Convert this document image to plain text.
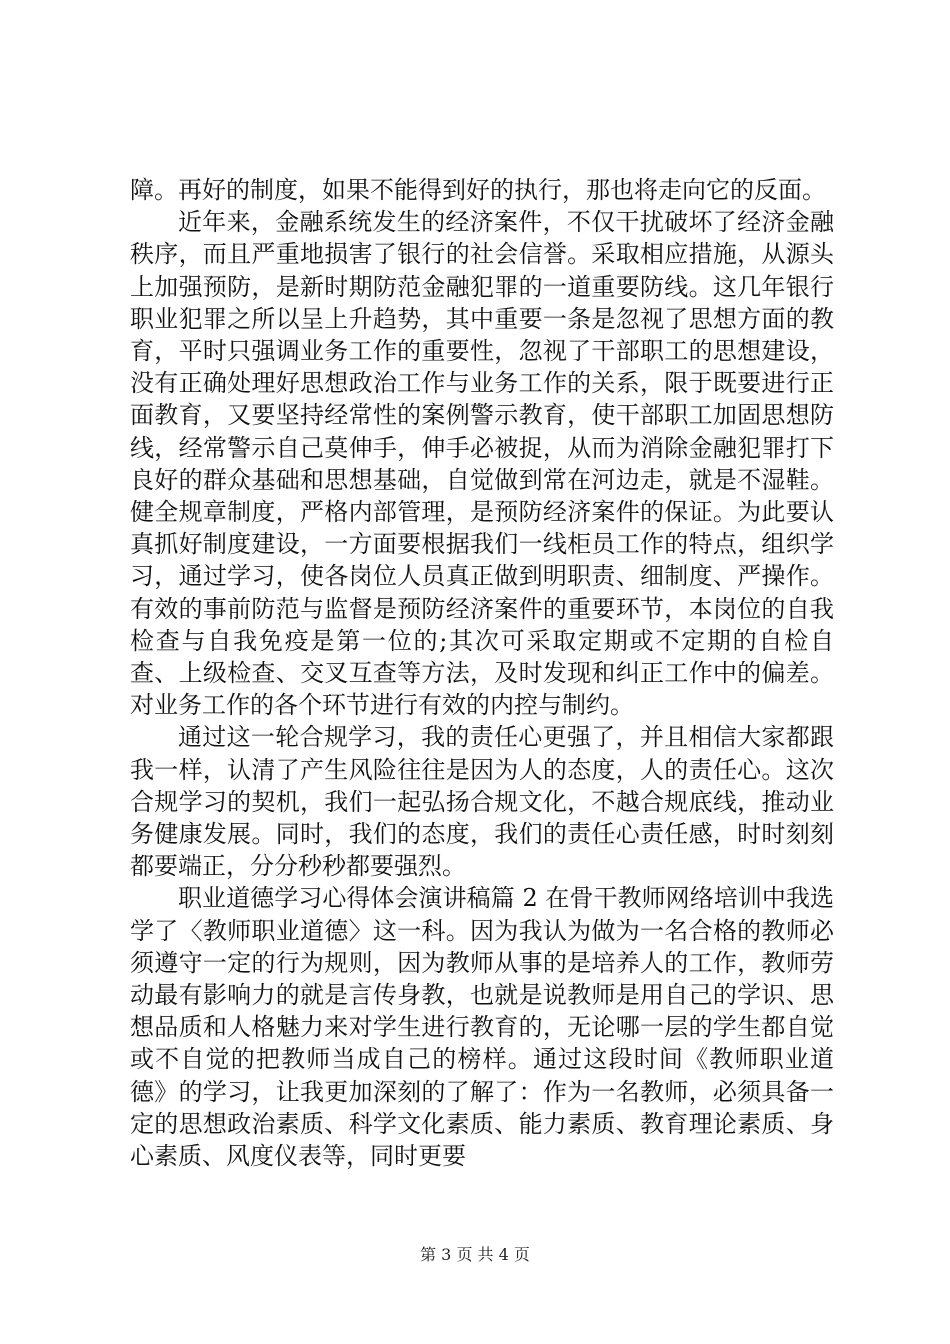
障。再好的制度，如果不能得到好的执行，那也将走向它的反面。

近年来，金融系统发生的经济案件，不仅干扰破坏了经济金融秩序，而且严重地损害了银行的社会信誉。采取相应措施，从源头上加强预防，是新时期防范金融犯罪的一道重要防线。这几年银行职业犯罪之所以呈上升趋势，其中重要一条是忽视了思想方面的教育，平时只强调业务工作的重要性，忽视了干部职工的思想建设，没有正确处理好思想政治工作与业务工作的关系，限于既要进行正面教育，又要坚持经常性的案例警示教育，使干部职工加固思想防线，经常警示自己莫伸手，伸手必被捉，从而为消除金融犯罪打下良好的群众基础和思想基础，自觉做到常在河边走，就是不湿鞋。健全规章制度，严格内部管理，是预防经济案件的保证。为此要认真抓好制度建设，一方面要根据我们一线柜员工作的特点，组织学习，通过学习，使各岗位人员真正做到明职责、细制度、严操作。有效的事前防范与监督是预防经济案件的重要环节，本岗位的自我检查与自我免疫是第一位的;其次可采取定期或不定期的自检自查、上级检查、交叉互查等方法，及时发现和纠正工作中的偏差。对业务工作的各个环节进行有效的内控与制约。

通过这一轮合规学习，我的责任心更强了，并且相信大家都跟我一样，认清了产生风险往往是因为人的态度，人的责任心。这次合规学习的契机，我们一起弘扬合规文化，不越合规底线，推动业务健康发展。同时，我们的态度，我们的责任心责任感，时时刻刻都要端正，分分秒秒都要强烈。

职业道德学习心得体会演讲稿篇 2 在骨干教师网络培训中我选学了〈教师职业道德〉这一科。因为我认为做为一名合格的教师必须遵守一定的行为规则，因为教师从事的是培养人的工作，教师劳动最有影响力的就是言传身教，也就是说教师是用自己的学识、思想品质和人格魅力来对学生进行教育的，无论哪一层的学生都自觉或不自觉的把教师当成自己的榜样。通过这段时间《教师职业道德》的学习，让我更加深刻的了解了：作为一名教师，必须具备一定的思想政治素质、科学文化素质、能力素质、教育理论素质、身心素质、风度仪表等，同时更要

第 3 页 共 4 页
